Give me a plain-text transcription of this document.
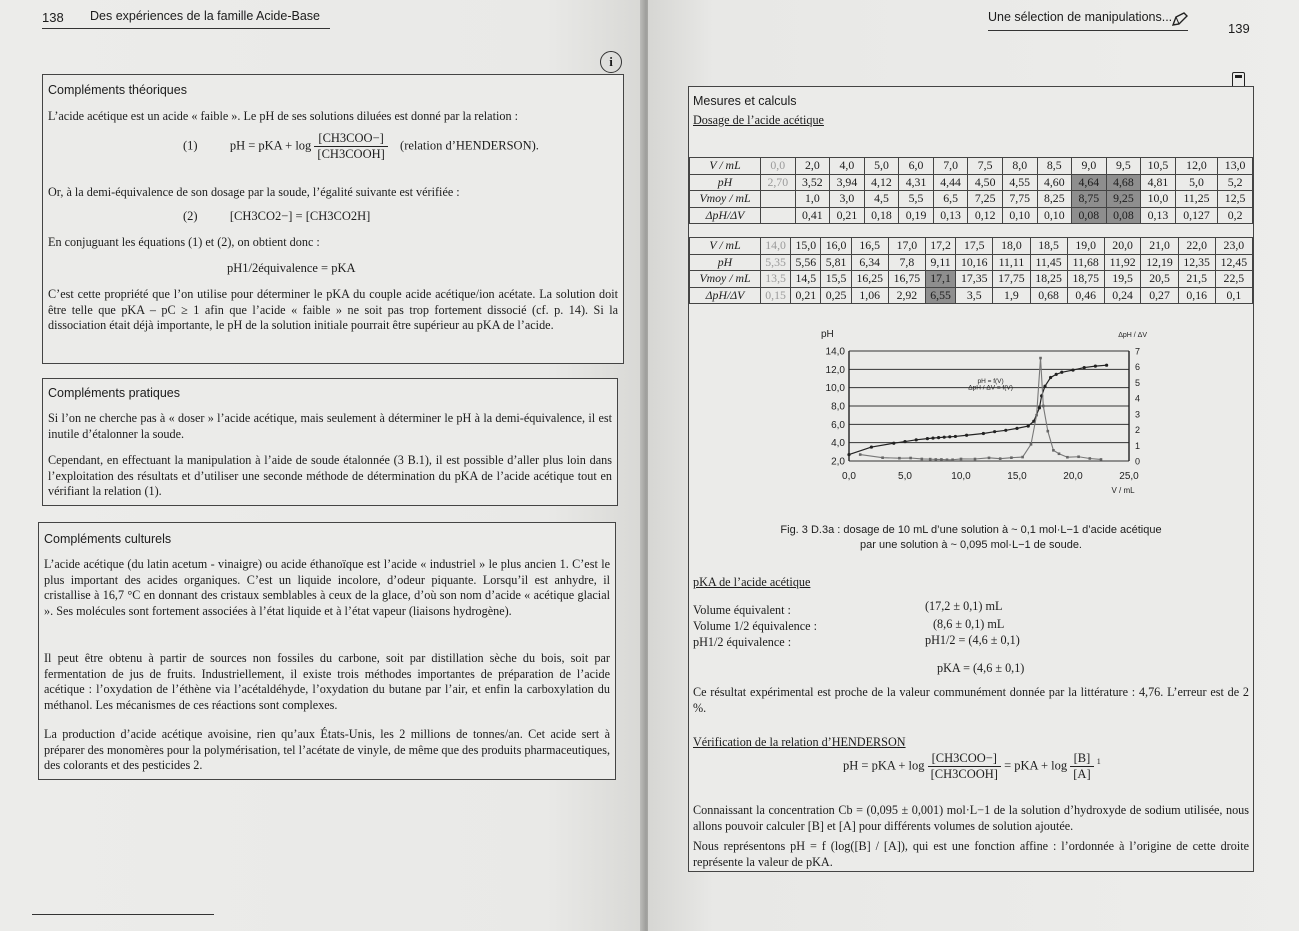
138 Des expériences de la famille Acide-Base
i
Compléments théoriques

L’acide acétique est un acide « faible ». Le pH de ses solutions diluées est donné par la relation :

(1)	pH = pKA + $\log \frac{\text{[CH3COO−]}}{\text{[CH3COOH]}}$ (relation d’HENDERSON).

Or, à la demi-équivalence de son dosage par la soude, l’égalité suivante est vérifiée :

(2)	[CH3CO2−] = [CH3CO2H]

En conjuguant les équations (1) et (2), on obtient donc :

pH1/2équivalence = pKA

C’est cette propriété que l’on utilise pour déterminer le pKA du couple acide acétique/ion acétate. La solution doit être telle que pKA – pC ≥ 1 afin que l’acide « faible » ne soit pas trop fortement dissocié (cf. p. 14). Si la dissociation était déjà importante, le pH de la solution initiale pourrait être supérieur au pKA de l’acide.

Compléments pratiques

Si l’on ne cherche pas à « doser » l’acide acétique, mais seulement à déterminer le pH à la demi-équivalence, il est inutile d’étalonner la soude.

Cependant, en effectuant la manipulation à l’aide de soude étalonnée (3 B.1), il est possible d’aller plus loin dans l’exploitation des résultats et d’utiliser une seconde méthode de détermination du pKA de l’acide acétique tout en vérifiant la relation (1).

Compléments culturels

L’acide acétique (du latin acetum - vinaigre) ou acide éthanoïque est l’acide « industriel » le plus ancien 1. C’est le plus important des acides organiques. C’est un liquide incolore, d’odeur piquante. Lorsqu’il est anhydre, il cristallise à 16,7 °C en donnant des cristaux semblables à ceux de la glace, d’où son nom d’acide « acétique glacial ». Ses molécules sont fortement associées à l’état liquide et à l’état vapeur (liaisons hydrogène).

Il peut être obtenu à partir de sources non fossiles du carbone, soit par distillation sèche du bois, soit par fermentation de jus de fruits. Industriellement, il existe trois méthodes importantes de préparation de l’acide acétique : l’oxydation de l’éthène via l’acétaldéhyde, l’oxydation du butane par l’air, et enfin la carboxylation du méthanol. Les mécanismes de ces réactions sont complexes.

La production d’acide acétique avoisine, rien qu’aux États-Unis, les 2 millions de tonnes/an. Cet acide sert à préparer des monomères pour la polymérisation, tel l’acétate de vinyle, de même que des produits pharmaceutiques, des colorants et des pesticides 2.

Une sélection de manipulations...
139
Mesures et calculs
Dosage de l’acide acétique
V / mL	0,0	2,0	4,0	5,0	6,0	7,0	7,5	8,0	8,5	9,0	9,5	10,5	12,0	13,0
pH	2,70	3,52	3,94	4,12	4,31	4,44	4,50	4,55	4,60	4,64	4,68	4,81	5,0	5,2
Vmoy / mL		1,0	3,0	4,5	5,5	6,5	7,25	7,75	8,25	8,75	9,25	10,0	11,25	12,5
ΔpH/ΔV		0,41	0,21	0,18	0,19	0,13	0,12	0,10	0,10	0,08	0,08	0,13	0,127	0,2
V / mL	14,0	15,0	16,0	16,5	17,0	17,2	17,5	18,0	18,5	19,0	20,0	21,0	22,0	23,0
pH	5,35	5,56	5,81	6,34	7,8	9,11	10,16	11,11	11,45	11,68	11,92	12,19	12,35	12,45
Vmoy / mL	13,5	14,5	15,5	16,25	16,75	17,1	17,35	17,75	18,25	18,75	19,5	20,5	21,5	22,5
ΔpH/ΔV	0,15	0,21	0,25	1,06	2,92	6,55	3,5	1,9	0,68	0,46	0,24	0,27	0,16	0,1
2,0
4,0
6,0
8,0
10,0
12,0
14,0
0
1
2
3
4
5
6
7
0,0	5,0	10,0	15,0	20,0	25,0
pH	ΔpH / ΔV
V / mL
pH = f(V)
ΔpH / ΔV = f(V)
Fig. 3 D.3a : dosage de 10 mL d’une solution à ~ 0,1 mol·L−1 d’acide acétique
par une solution à ~ 0,095 mol·L−1 de soude.
pKA de l’acide acétique
Volume équivalent :	(17,2 ± 0,1) mL
Volume 1/2 équivalence :	(8,6 ± 0,1) mL
pH1/2 équivalence :	pH1/2 = (4,6 ± 0,1)
pKA = (4,6 ± 0,1)

Ce résultat expérimental est proche de la valeur communément donnée par la littérature : 4,76. L’erreur est de 2 %.

Vérification de la relation d’HENDERSON
pH = pKA + $\log \frac{\text{[CH3COO−]}}{\text{[CH3COOH]}}$ = pKA + $\log \frac{[B]}{[A]} ^1$

Connaissant la concentration Cb = (0,095 ± 0,001) mol·L−1 de la solution d’hydroxyde de sodium utilisée, nous allons pouvoir calculer [B] et [A] pour différents volumes de solution ajoutée.

Nous représentons pH = f (log([B] / [A]), qui est une fonction affine : l’ordonnée à l’origine de cette droite représente la valeur de pKA.
